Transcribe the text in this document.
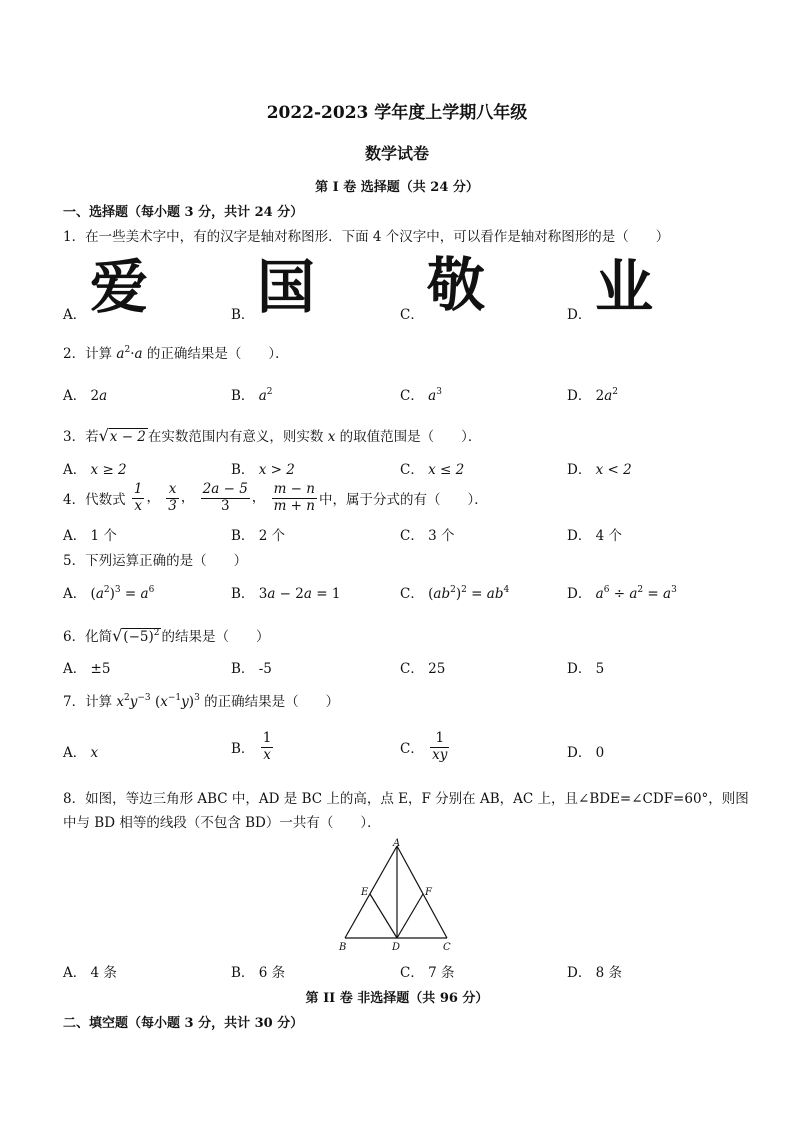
2022-2023 学年度上学期八年级
数学试卷
第 I 卷 选择题（共 24 分）
一、选择题（每小题 3 分，共计 24 分）
1．在一些美术字中，有的汉字是轴对称图形．下面 4 个汉字中，可以看作是轴对称图形的是（　　）
A． 爱	B． 国	C． 敬	D． 业
2．计算 $a^2\cdot a$ 的正确结果是（　　）．
A． 2a	B． $a^2$	C． $a^3$	D． $2a^2$
3．若√x − 2 在实数范围内有意义，则实数 x 的取值范围是（　　）．
A． x ≥ 2	B． x > 2	C． x ≤ 2	D． x < 2
4．代数式 $\frac{1}{x}$ ， $\frac{x}{3}$ ， $\frac{2a - 5}{3}$ ， $\frac{m - n}{m + n}$ 中，属于分式的有（　　）．
A． 1 个	B． 2 个	C． 3 个	D． 4 个
5．下列运算正确的是（　　）
A． $(a^2)^3 = a^6$	B． 3a − 2a = 1	C． $(ab^2)^2 = ab^4$	D． $a^6 \div a^2 = a^3$
6．化简$√(-5)^2$ 的结果是（　　）
A． ±5	B． -5	C． 25	D． 5
7．计算 $x^2y^{-3}$ $(x^{-1}y)^3$ 的正确结果是（　　）
A． x	B． $\frac{1}{x}$	C． $\frac{1}{xy}$	D． 0
8．如图，等边三角形 ABC 中，AD 是 BC 上的高，点 E，F 分别在 AB，AC 上，且∠BDE=∠CDF=60°，则图
中与 BD 相等的线段（不包含 BD）一共有（　　）．
A
B	C
D
E	F
A． 4 条	B． 6 条	C． 7 条	D． 8 条
第 II 卷 非选择题（共 96 分）
二、填空题（每小题 3 分，共计 30 分）
